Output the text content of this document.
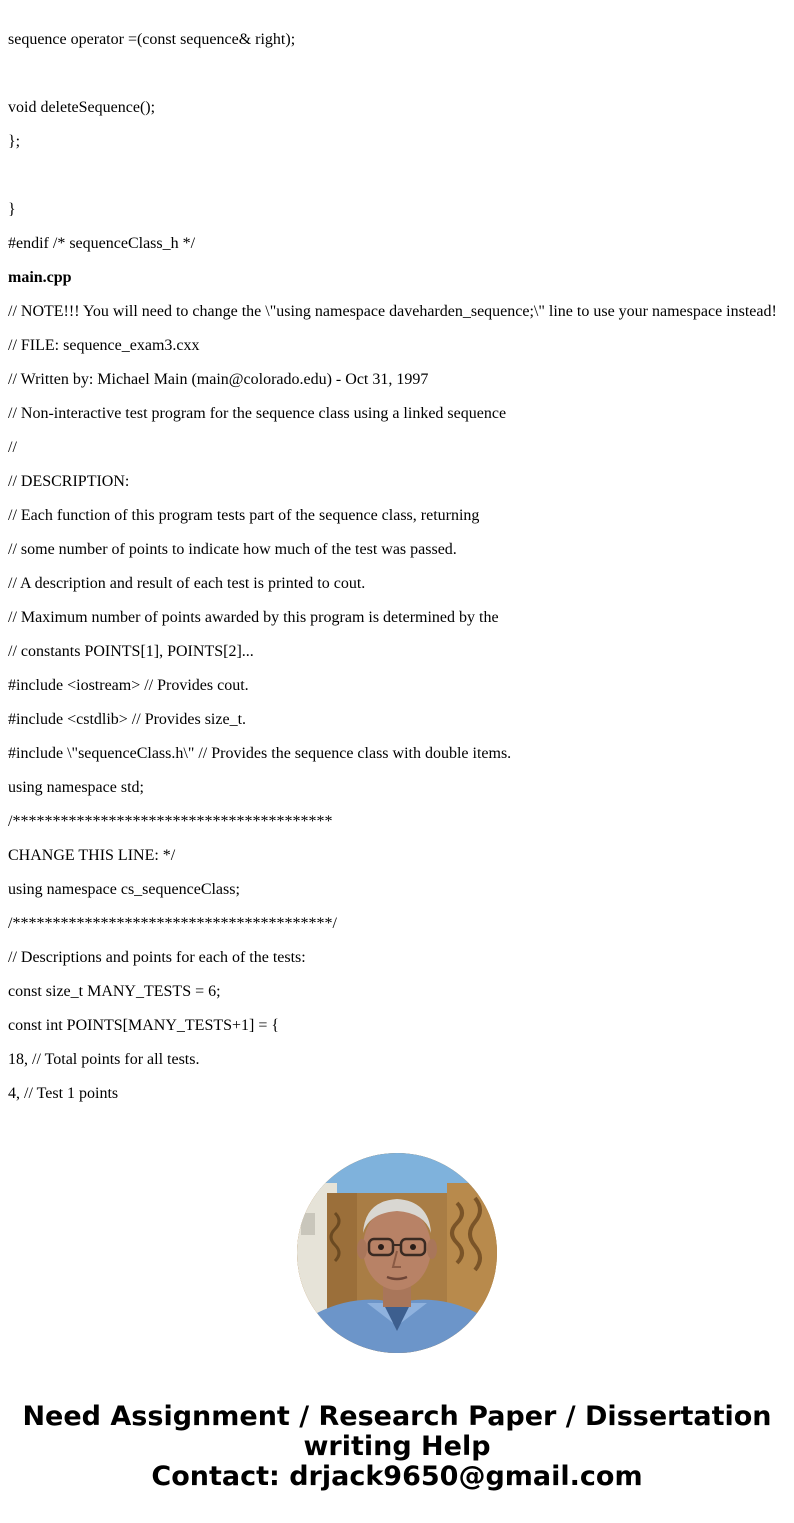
sequence operator =(const sequence& right);
void deleteSequence();
};
}
#endif /* sequenceClass_h */
main.cpp
// NOTE!!! You will need to change the \"using namespace daveharden_sequence;\" line to use your namespace instead!
// FILE: sequence_exam3.cxx
// Written by: Michael Main (main@colorado.edu) - Oct 31, 1997
// Non-interactive test program for the sequence class using a linked sequence
//
// DESCRIPTION:
// Each function of this program tests part of the sequence class, returning
// some number of points to indicate how much of the test was passed.
// A description and result of each test is printed to cout.
// Maximum number of points awarded by this program is determined by the
// constants POINTS[1], POINTS[2]...
#include <iostream> // Provides cout.
#include <cstdlib> // Provides size_t.
#include \"sequenceClass.h\" // Provides the sequence class with double items.
using namespace std;
/****************************************
CHANGE THIS LINE: */
using namespace cs_sequenceClass;
/****************************************/
// Descriptions and points for each of the tests:
const size_t MANY_TESTS = 6;
const int POINTS[MANY_TESTS+1] = {
18, // Total points for all tests.
4, // Test 1 points
Need Assignment / Research Paper / Dissertation
writing Help
Contact: drjack9650@gmail.com
